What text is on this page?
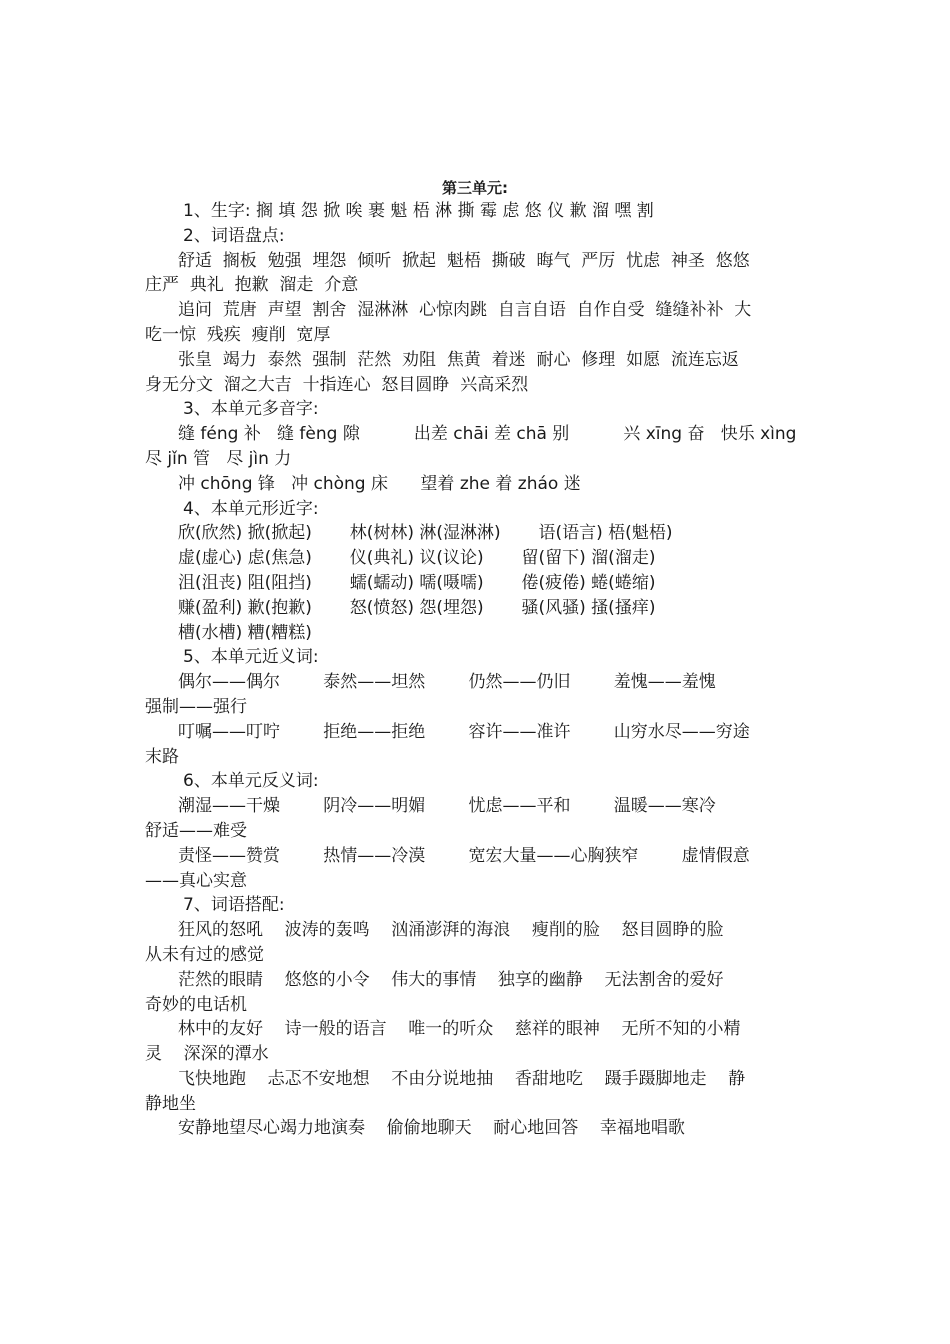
第三单元:
1、生字: 搁 填 怨 掀 唉 裹 魁 梧 淋 撕 霉 虑 悠 仪 歉 溜 嘿 割
2、词语盘点:
舒适  搁板  勉强  埋怨  倾听  掀起  魁梧  撕破  晦气  严厉  忧虑  神圣  悠悠
庄严  典礼  抱歉  溜走  介意
追问  荒唐  声望  割舍  湿淋淋  心惊肉跳  自言自语  自作自受  缝缝补补  大
吃一惊  残疾  瘦削  宽厚
张皇  竭力  泰然  强制  茫然  劝阻  焦黄  着迷  耐心  修理  如愿  流连忘返
身无分文  溜之大吉  十指连心  怒目圆睁  兴高采烈
3、本单元多音字:
缝 féng 补   缝 fèng 隙          出差 chāi 差 chā 别          兴 xīng 奋   快乐 xìng
尽 jǐn 管   尽 jìn 力
冲 chōng 锋   冲 chòng 床      望着 zhe 着 zháo 迷
4、本单元形近字:
欣(欣然) 掀(掀起)       林(树林) 淋(湿淋淋)       语(语言) 梧(魁梧)
虚(虚心) 虑(焦急)       仪(典礼) 议(议论)       留(留下) 溜(溜走)
沮(沮丧) 阻(阻挡)       蠕(蠕动) 嚅(嗫嚅)       倦(疲倦) 蜷(蜷缩)
赚(盈利) 歉(抱歉)       怒(愤怒) 怨(埋怨)       骚(风骚) 搔(搔痒)
槽(水槽) 糟(糟糕)
5、本单元近义词:
偶尔——偶尔        泰然——坦然        仍然——仍旧        羞愧——羞愧
强制——强行
叮嘱——叮咛        拒绝——拒绝        容许——准许        山穷水尽——穷途
末路
6、本单元反义词:
潮湿——干燥        阴冷——明媚        忧虑——平和        温暖——寒冷
舒适——难受
责怪——赞赏        热情——冷漠        宽宏大量——心胸狭窄        虚情假意
——真心实意
7、词语搭配:
狂风的怒吼    波涛的轰鸣    汹涌澎湃的海浪    瘦削的脸    怒目圆睁的脸
从未有过的感觉
茫然的眼睛    悠悠的小令    伟大的事情    独享的幽静    无法割舍的爱好
奇妙的电话机
林中的友好    诗一般的语言    唯一的听众    慈祥的眼神    无所不知的小精
灵    深深的潭水
飞快地跑    忐忑不安地想    不由分说地抽    香甜地吃    蹑手蹑脚地走    静
静地坐
安静地望尽心竭力地演奏    偷偷地聊天    耐心地回答    幸福地唱歌
